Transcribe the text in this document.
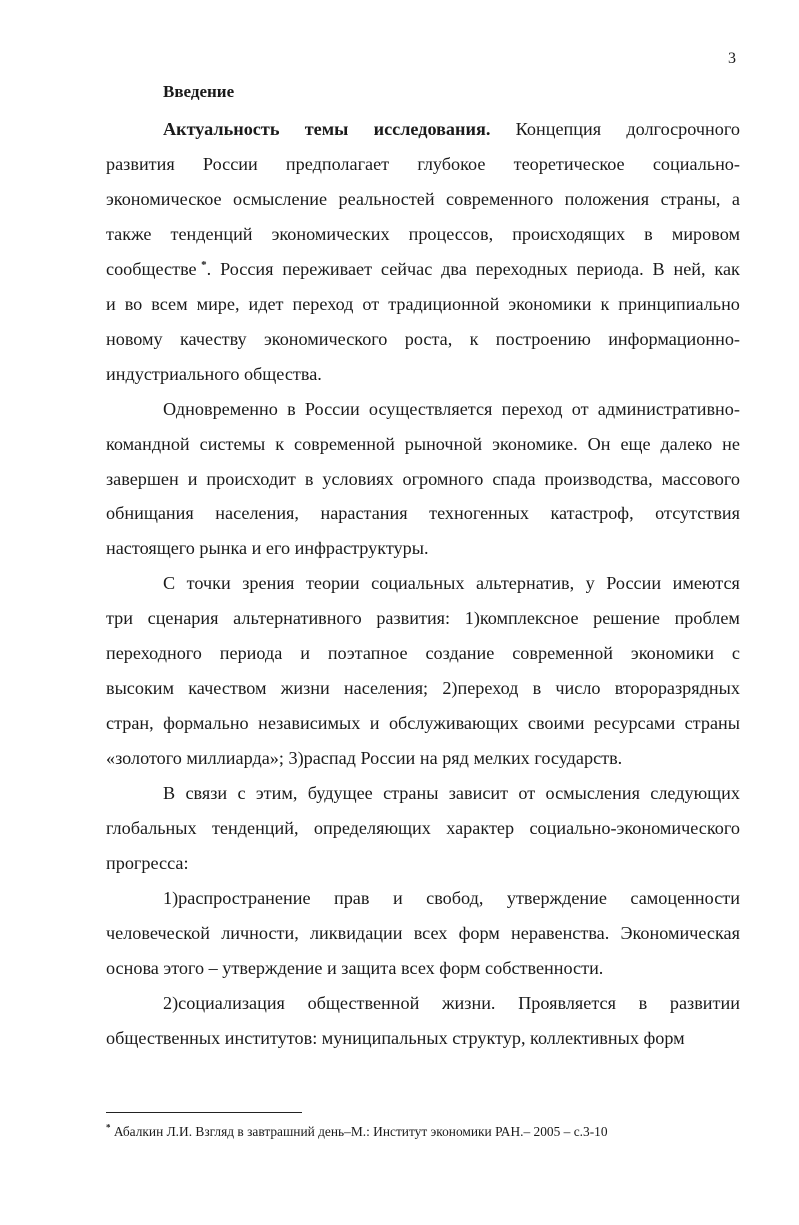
3
Введение
Актуальность темы исследования. Концепция долгосрочного
развития России предполагает глубокое теоретическое социально-
экономическое осмысление реальностей современного положения страны, а
также тенденций экономических процессов, происходящих в мировом
сообществе *. Россия переживает сейчас два переходных периода. В ней, как
и во всем мире, идет переход от традиционной экономики к принципиально
новому качеству экономического роста, к построению информационно-
индустриального общества.
Одновременно в России осуществляется переход от административно-
командной системы к современной рыночной экономике. Он еще далеко не
завершен и происходит в условиях огромного спада производства, массового
обнищания населения, нарастания техногенных катастроф, отсутствия
настоящего рынка и его инфраструктуры.
С точки зрения теории социальных альтернатив, у России имеются
три сценария альтернативного развития: 1)комплексное решение проблем
переходного периода и поэтапное создание современной экономики с
высоким качеством жизни населения; 2)переход в число второразрядных
стран, формально независимых и обслуживающих своими ресурсами страны
«золотого миллиарда»; 3)распад России на ряд мелких государств.
В связи с этим, будущее страны зависит от осмысления следующих
глобальных тенденций, определяющих характер социально-экономического
прогресса:
1)распространение прав и свобод, утверждение самоценности
человеческой личности, ликвидации всех форм неравенства. Экономическая
основа этого – утверждение и защита всех форм собственности.
2)социализация общественной жизни. Проявляется в развитии
общественных институтов: муниципальных структур, коллективных форм
* Абалкин Л.И. Взгляд в завтрашний день–М.: Институт экономики РАН.– 2005 – с.3-10
